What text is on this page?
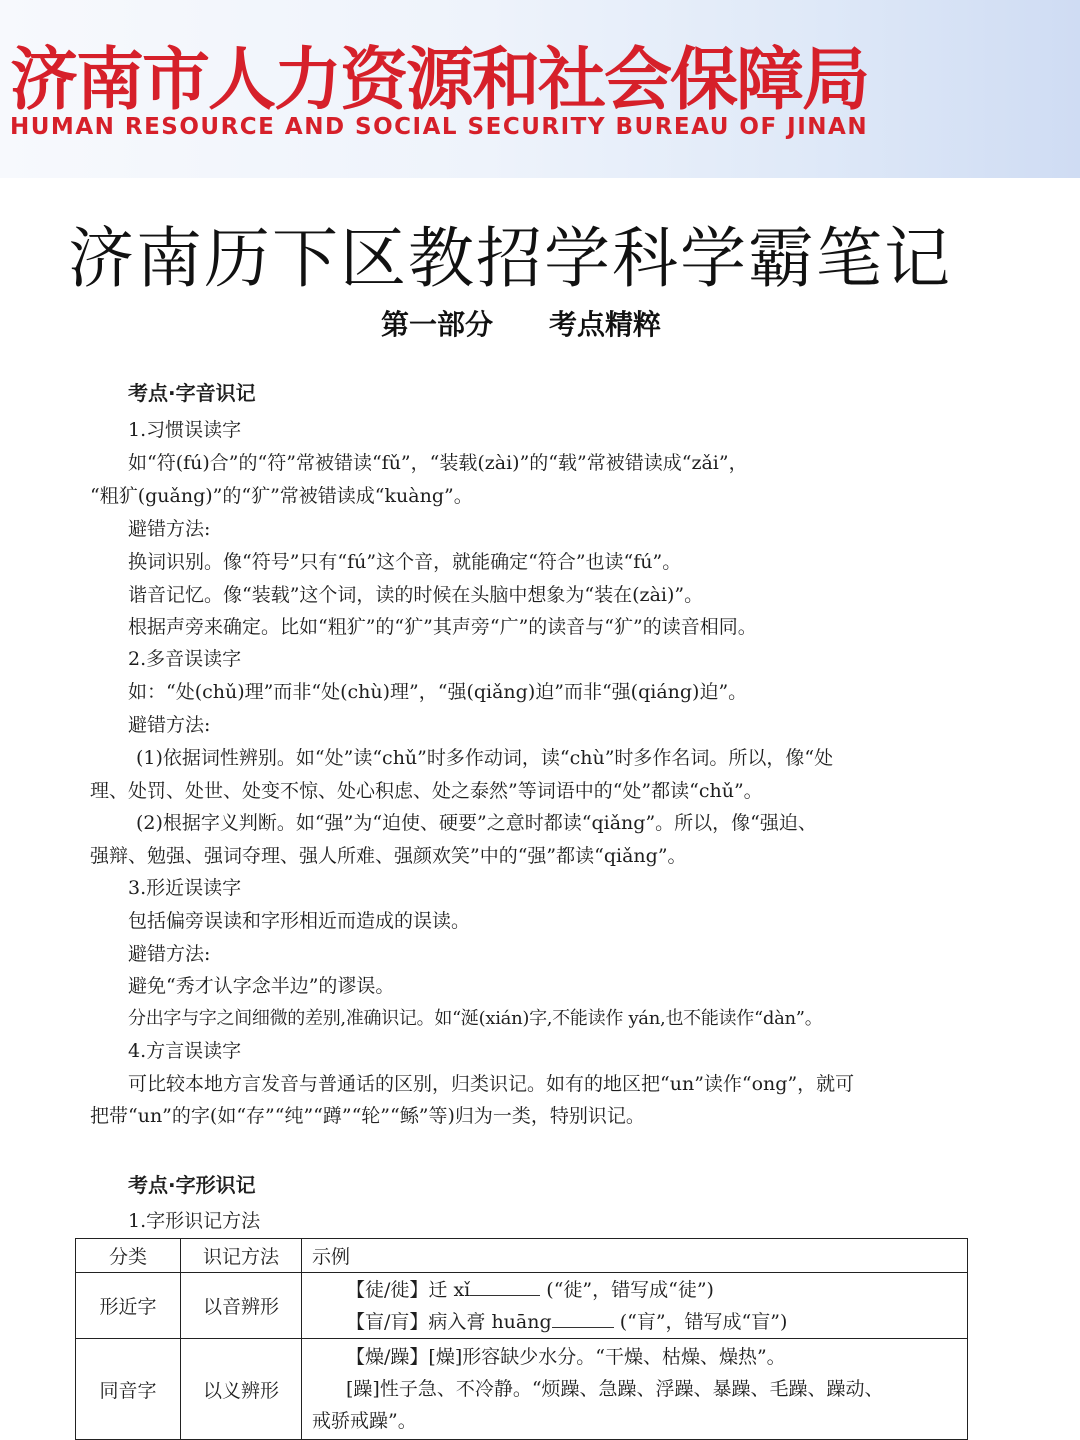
济南市人力资源和社会保障局
HUMAN RESOURCE AND SOCIAL SECURITY BUREAU OF JINAN
济南历下区教招学科学霸笔记
第一部分　　考点精粹
考点·字音识记
1.习惯误读字
如“符(fú)合”的“符”常被错读“fǔ”，“装载(zài)”的“载”常被错读成“zǎi”，
“粗犷(guǎng)”的“犷”常被错读成“kuàng”。
避错方法:
换词识别。像“符号”只有“fú”这个音，就能确定“符合”也读“fú”。
谐音记忆。像“装载”这个词，读的时候在头脑中想象为“装在(zài)”。
根据声旁来确定。比如“粗犷”的“犷”其声旁“广”的读音与“犷”的读音相同。
2.多音误读字
如：“处(chǔ)理”而非“处(chù)理”，“强(qiǎng)迫”而非“强(qiáng)迫”。
避错方法:
(1)依据词性辨别。如“处”读“chǔ”时多作动词，读“chù”时多作名词。所以，像“处
理、处罚、处世、处变不惊、处心积虑、处之泰然”等词语中的“处”都读“chǔ”。
(2)根据字义判断。如“强”为“迫使、硬要”之意时都读“qiǎng”。所以，像“强迫、
强辩、勉强、强词夺理、强人所难、强颜欢笑”中的“强”都读“qiǎng”。
3.形近误读字
包括偏旁误读和字形相近而造成的误读。
避错方法:
避免“秀才认字念半边”的谬误。
分出字与字之间细微的差别,准确识记。如“涎(xián)字,不能读作 yán,也不能读作“dàn”。
4.方言误读字
可比较本地方言发音与普通话的区别，归类识记。如有的地区把“un”读作“ong”，就可
把带“un”的字(如“存”“纯”“蹲”“轮”“鲧”等)归为一类，特别识记。
考点·字形识记
1.字形识记方法
分类	识记方法	示例
形近字	以音辨形	【徒/徙】迁 xǐ (“徙”，错写成“徒”)
【盲/肓】病入膏 huāng (“肓”，错写成“盲”)

同音字	以义辨形	【燥/躁】[燥]形容缺少水分。“干燥、枯燥、燥热”。
[躁]性子急、不冷静。“烦躁、急躁、浮躁、暴躁、毛躁、躁动、
戒骄戒躁”。
